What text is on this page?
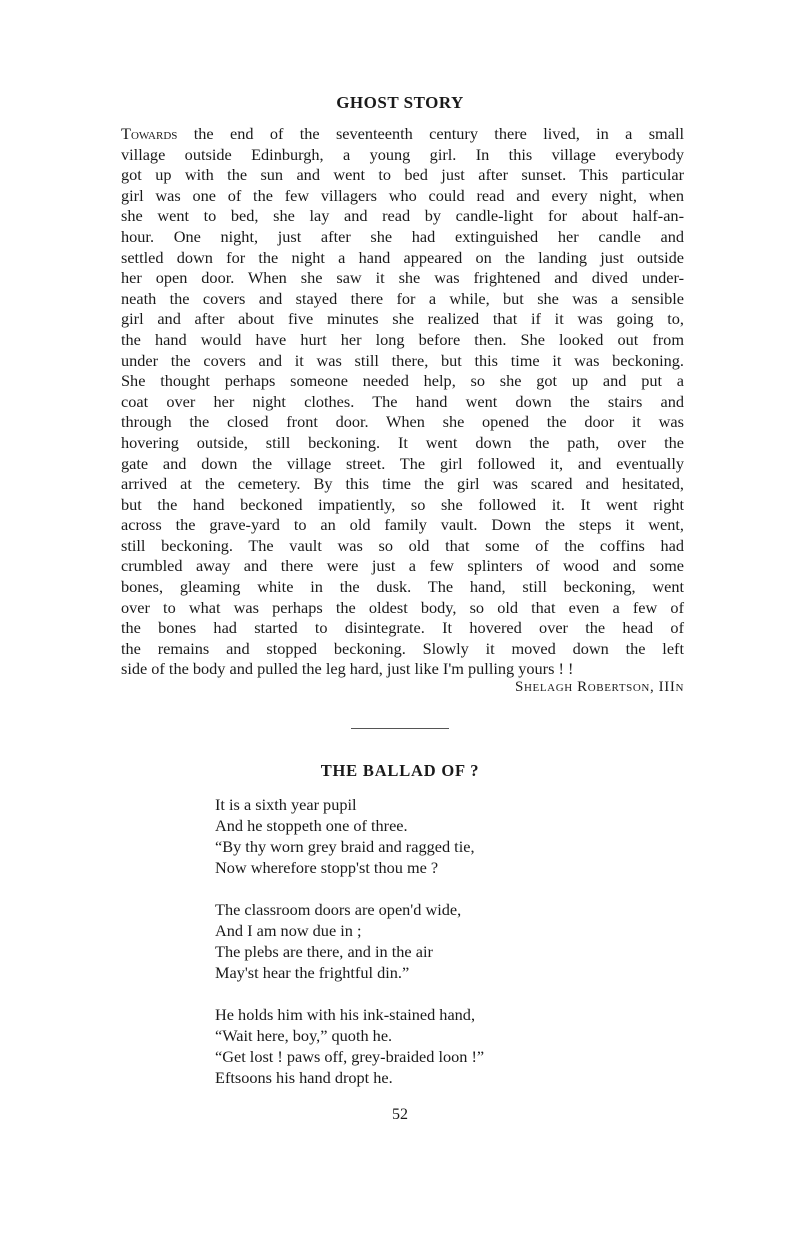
GHOST STORY
Towards the end of the seventeenth century there lived, in a small
village outside Edinburgh, a young girl. In this village everybody
got up with the sun and went to bed just after sunset. This particular
girl was one of the few villagers who could read and every night, when
she went to bed, she lay and read by candle-light for about half-an-
hour. One night, just after she had extinguished her candle and
settled down for the night a hand appeared on the landing just outside
her open door. When she saw it she was frightened and dived under-
neath the covers and stayed there for a while, but she was a sensible
girl and after about five minutes she realized that if it was going to,
the hand would have hurt her long before then. She looked out from
under the covers and it was still there, but this time it was beckoning.
She thought perhaps someone needed help, so she got up and put a
coat over her night clothes. The hand went down the stairs and
through the closed front door. When she opened the door it was
hovering outside, still beckoning. It went down the path, over the
gate and down the village street. The girl followed it, and eventually
arrived at the cemetery. By this time the girl was scared and hesitated,
but the hand beckoned impatiently, so she followed it. It went right
across the grave-yard to an old family vault. Down the steps it went,
still beckoning. The vault was so old that some of the coffins had
crumbled away and there were just a few splinters of wood and some
bones, gleaming white in the dusk. The hand, still beckoning, went
over to what was perhaps the oldest body, so old that even a few of
the bones had started to disintegrate. It hovered over the head of
the remains and stopped beckoning. Slowly it moved down the left
side of the body and pulled the leg hard, just like I'm pulling yours ! !

Shelagh Robertson, IIIn

THE BALLAD OF ?
It is a sixth year pupil
And he stoppeth one of three.
“By thy worn grey braid and ragged tie,
Now wherefore stopp'st thou me ?
The classroom doors are open'd wide,
And I am now due in ;
The plebs are there, and in the air
May'st hear the frightful din.”
He holds him with his ink-stained hand,
“Wait here, boy,” quoth he.
“Get lost ! paws off, grey-braided loon !”
Eftsoons his hand dropt he.

52
